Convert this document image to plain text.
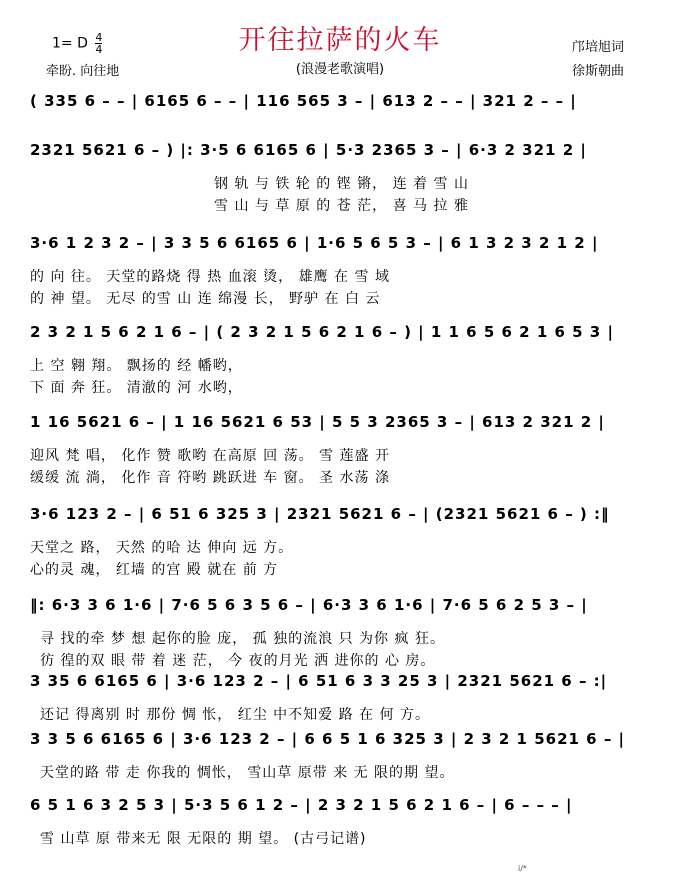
开往拉萨的火车
(浪漫老歌演唱)
1= D $\frac{4}{4}$
牵盼. 向往地
邝培旭词
徐斯朝曲
( 335 6 – – | 6165 6 – – | 116 565 3 – | 613 2 – – | 321 2 – – |
2321 5621 6 – ) |: 3·5 6 6165 6 | 5·3 2365 3 – | 6·3 2 321 2 |
钢 轨 与 铁 轮 的 铿 锵， 连 着 雪 山
雪 山 与 草 原 的 苍 茫， 喜 马 拉 雅
3·6 1 2 3 2 – | 3 3 5 6 6165 6 | 1·6 5 6 5 3 – | 6 1 3 2 3 2 1 2 |
的 向 往。 天堂的路烧 得 热 血滚 烫， 雄鹰 在 雪 域
的 神 望。 无尽 的雪 山 连 绵漫 长， 野驴 在 白 云
2 3 2 1 5 6 2 1 6 – | ( 2 3 2 1 5 6 2 1 6 – ) | 1 1 6 5 6 2 1 6 5 3 |
上 空 翱 翔。 飘扬的 经 幡哟，
下 面 奔 狂。 清澈的 河 水哟，
1 16 5621 6 – | 1 16 5621 6 53 | 5 5 3 2365 3 – | 613 2 321 2 |
迎风 梵 唱， 化作 赞 歌哟 在高原 回 荡。 雪 莲盛 开
缓缓 流 淌， 化作 音 符哟 跳跃进 车 窗。 圣 水荡 涤
3·6 123 2 – | 6 51 6 325 3 | 2321 5621 6 – | (2321 5621 6 – ) :‖
天堂之 路， 天然 的哈 达 伸向 远 方。
心的灵 魂， 红墙 的宫 殿 就在 前 方
‖: 6·3 3 6 1·6 | 7·6 5 6 3 5 6 – | 6·3 3 6 1·6 | 7·6 5 6 2 5 3 – |
寻 找的牵 梦 想 起你的脸 庞， 孤 独的流浪 只 为你 疯 狂。
彷 徨的双 眼 带 着 迷 茫， 今 夜的月光 洒 进你的 心 房。
3 35 6 6165 6 | 3·6 123 2 – | 6 51 6 3 3 25 3 | 2321 5621 6 – :|
还记 得离别 时 那份 惆 怅， 红尘 中不知爱 路 在 何 方。
3 3 5 6 6165 6 | 3·6 123 2 – | 6 6 5 1 6 325 3 | 2 3 2 1 5621 6 – |
天堂的路 带 走 你我的 惆怅， 雪山草 原带 来 无 限的期 望。
6 5 1 6 3 2 5 3 | 5·3 5 6 1 2 – | 2 3 2 1 5 6 2 1 6 – | 6 – – – |
雪 山草 原 带来无 限 无限的 期 望。 (古弓记谱)
i/*
